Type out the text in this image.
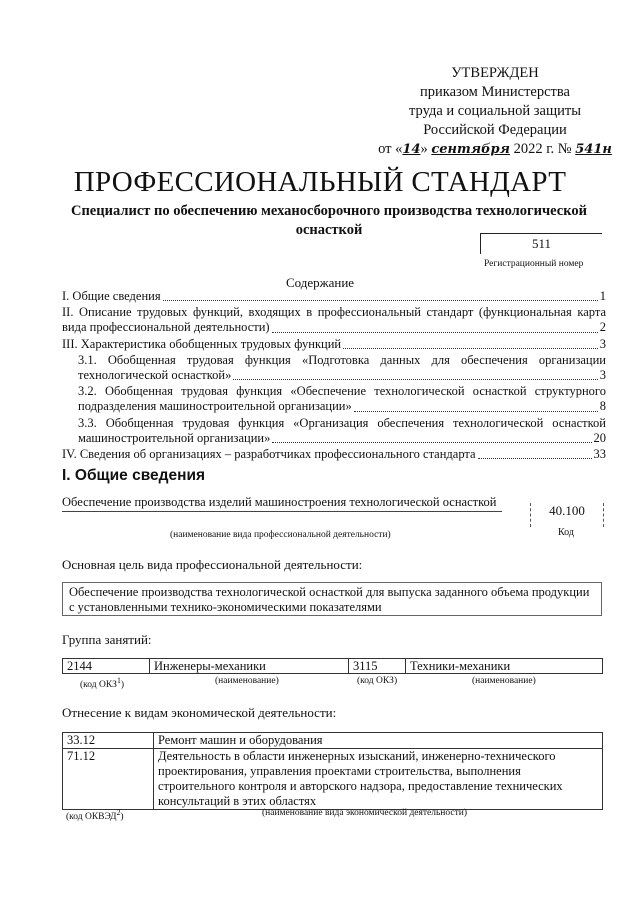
УТВЕРЖДЕН
приказом Министерства
труда и социальной защиты
Российской Федерации
от «14» сентября 2022 г. № 541н
ПРОФЕССИОНАЛЬНЫЙ СТАНДАРТ
Специалист по обеспечению механосборочного производства технологической оснасткой
511
Регистрационный номер
Содержание
I. Общие сведения	1
II. Описание трудовых функций, входящих в профессиональный стандарт (функциональная карта
вида профессиональной деятельности)	2
III. Характеристика обобщенных трудовых функций	3
3.1. Обобщенная трудовая функция «Подготовка данных для обеспечения организации
технологической оснасткой»	3
3.2. Обобщенная трудовая функция «Обеспечение технологической оснасткой структурного
подразделения машиностроительной организации»	8
3.3. Обобщенная трудовая функция «Организация обеспечения технологической оснасткой
машиностроительной организации»	20
IV. Сведения об организациях – разработчиках профессионального стандарта	33
I. Общие сведения
Обеспечение производства изделий машиностроения технологической оснасткой
40.100
(наименование вида профессиональной деятельности)	Код
Основная цель вида профессиональной деятельности:
Обеспечение производства технологической оснасткой для выпуска заданного объема продукции с установленными технико-экономическими показателями
Группа занятий:
2144	Инженеры-механики	3115	Техники-механики
(код ОКЗ$^1$)	(наименование)	(код ОКЗ)	(наименование)
Отнесение к видам экономической деятельности:
33.12	Ремонт машин и оборудования
71.12	Деятельность в области инженерных изысканий, инженерно-технического проектирования, управления проектами строительства, выполнения строительного контроля и авторского надзора, предоставление технических консультаций в этих областях
(код ОКВЭД$^2$)	(наименование вида экономической деятельности)
